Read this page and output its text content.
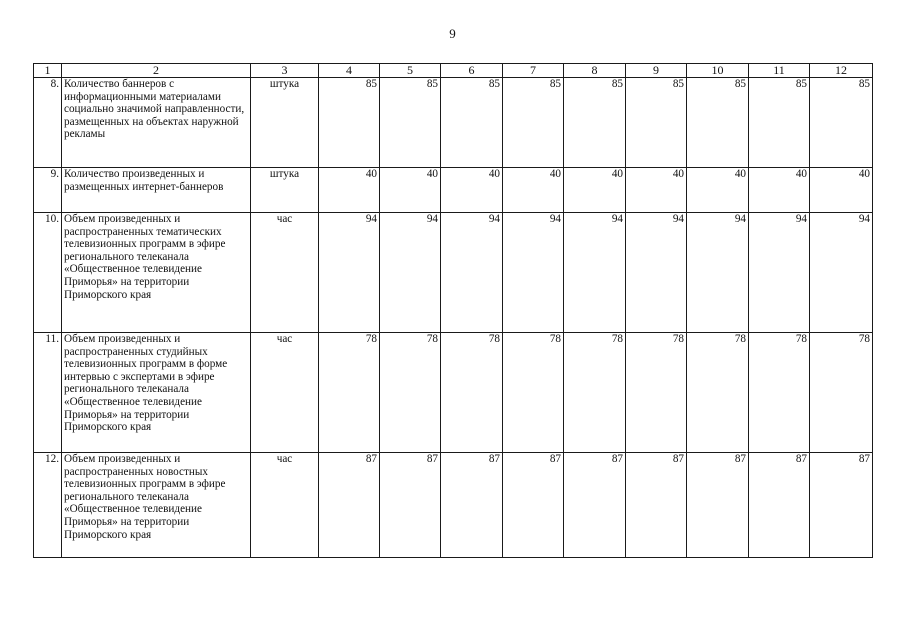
9
1	2	3	4	5	6	7	8	9	10	11	12
8.	Количество баннеров с информационными материалами социально значимой направленности, размещенных на объектах наружной рекламы	штука	85	85	85	85	85	85	85	85	85
9.	Количество произведенных и размещенных интернет-баннеров	штука	40	40	40	40	40	40	40	40	40
10.	Объем произведенных и распространенных тематических телевизионных программ в эфире регионального телеканала «Общественное телевидение Приморья» на территории Приморского края	час	94	94	94	94	94	94	94	94	94
11.	Объем произведенных и распространенных студийных телевизионных программ в форме интервью с экспертами в эфире регионального телеканала «Общественное телевидение Приморья» на территории Приморского края	час	78	78	78	78	78	78	78	78	78
12.	Объем произведенных и распространенных новостных телевизионных программ в эфире регионального телеканала «Общественное телевидение Приморья» на территории Приморского края	час	87	87	87	87	87	87	87	87	87
